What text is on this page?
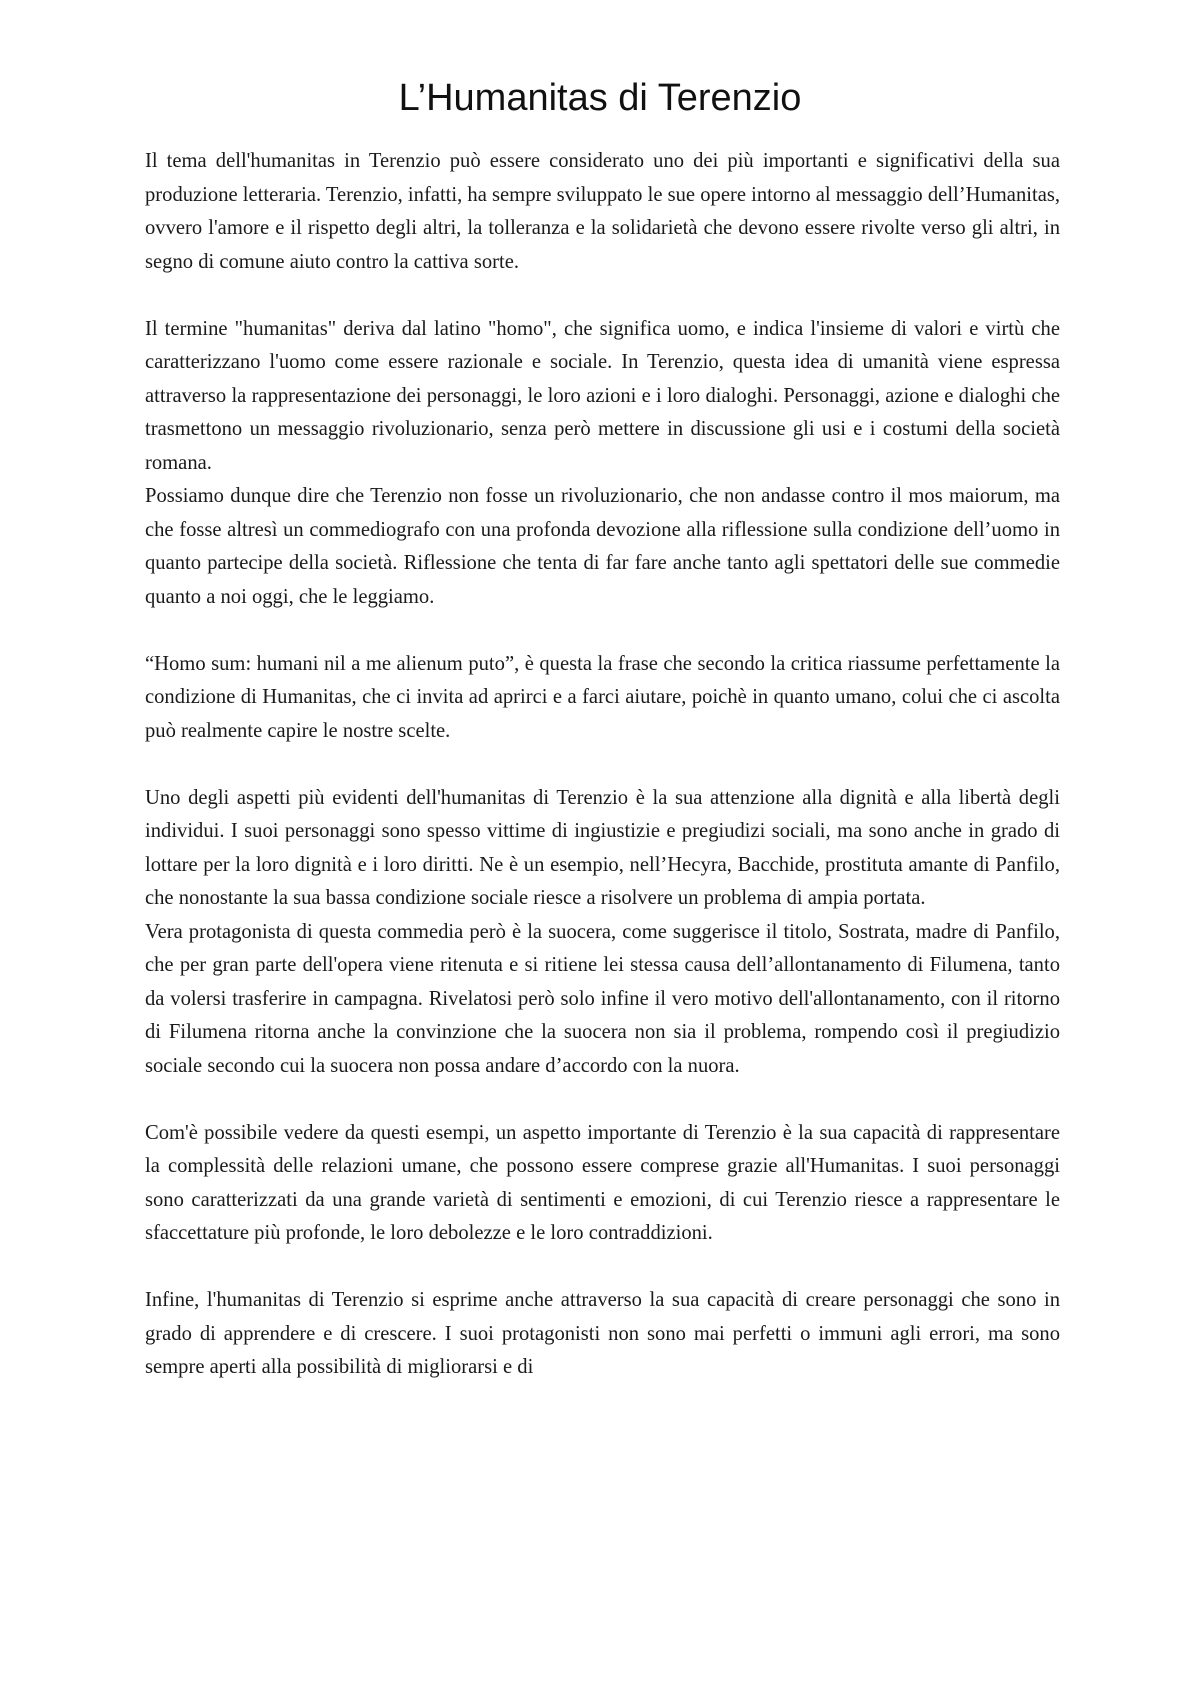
L’Humanitas di Terenzio

Il tema dell'humanitas in Terenzio può essere considerato uno dei più importanti e significativi della sua produzione letteraria. Terenzio, infatti, ha sempre sviluppato le sue opere intorno al messaggio dell’Humanitas, ovvero l'amore e il rispetto degli altri, la tolleranza e la solidarietà che devono essere rivolte verso gli altri, in segno di comune aiuto contro la cattiva sorte.

Il termine "humanitas" deriva dal latino "homo", che significa uomo, e indica l'insieme di valori e virtù che caratterizzano l'uomo come essere razionale e sociale. In Terenzio, questa idea di umanità viene espressa attraverso la rappresentazione dei personaggi, le loro azioni e i loro dialoghi. Personaggi, azione e dialoghi che trasmettono un messaggio rivoluzionario, senza però mettere in discussione gli usi e i costumi della società romana.

Possiamo dunque dire che Terenzio non fosse un rivoluzionario, che non andasse contro il mos maiorum, ma che fosse altresì un commediografo con una profonda devozione alla riflessione sulla condizione dell’uomo in quanto partecipe della società. Riflessione che tenta di far fare anche tanto agli spettatori delle sue commedie quanto a noi oggi, che le leggiamo.

“Homo sum: humani nil a me alienum puto”, è questa la frase che secondo la critica riassume perfettamente la condizione di Humanitas, che ci invita ad aprirci e a farci aiutare, poichè in quanto umano, colui che ci ascolta può realmente capire le nostre scelte.

Uno degli aspetti più evidenti dell'humanitas di Terenzio è la sua attenzione alla dignità e alla libertà degli individui. I suoi personaggi sono spesso vittime di ingiustizie e pregiudizi sociali, ma sono anche in grado di lottare per la loro dignità e i loro diritti. Ne è un esempio, nell’Hecyra, Bacchide, prostituta amante di Panfilo, che nonostante la sua bassa condizione sociale riesce a risolvere un problema di ampia portata.

Vera protagonista di questa commedia però è la suocera, come suggerisce il titolo, Sostrata, madre di Panfilo, che per gran parte dell'opera viene ritenuta e si ritiene lei stessa causa dell’allontanamento di Filumena, tanto da volersi trasferire in campagna. Rivelatosi però solo infine il vero motivo dell'allontanamento, con il ritorno di Filumena ritorna anche la convinzione che la suocera non sia il problema, rompendo così il pregiudizio sociale secondo cui la suocera non possa andare d’accordo con la nuora.

Com'è possibile vedere da questi esempi, un aspetto importante di Terenzio è la sua capacità di rappresentare la complessità delle relazioni umane, che possono essere comprese grazie all'Humanitas. I suoi personaggi sono caratterizzati da una grande varietà di sentimenti e emozioni, di cui Terenzio riesce a rappresentare le sfaccettature più profonde, le loro debolezze e le loro contraddizioni.

Infine, l'humanitas di Terenzio si esprime anche attraverso la sua capacità di creare personaggi che sono in grado di apprendere e di crescere. I suoi protagonisti non sono mai perfetti o immuni agli errori, ma sono sempre aperti alla possibilità di migliorarsi e di
